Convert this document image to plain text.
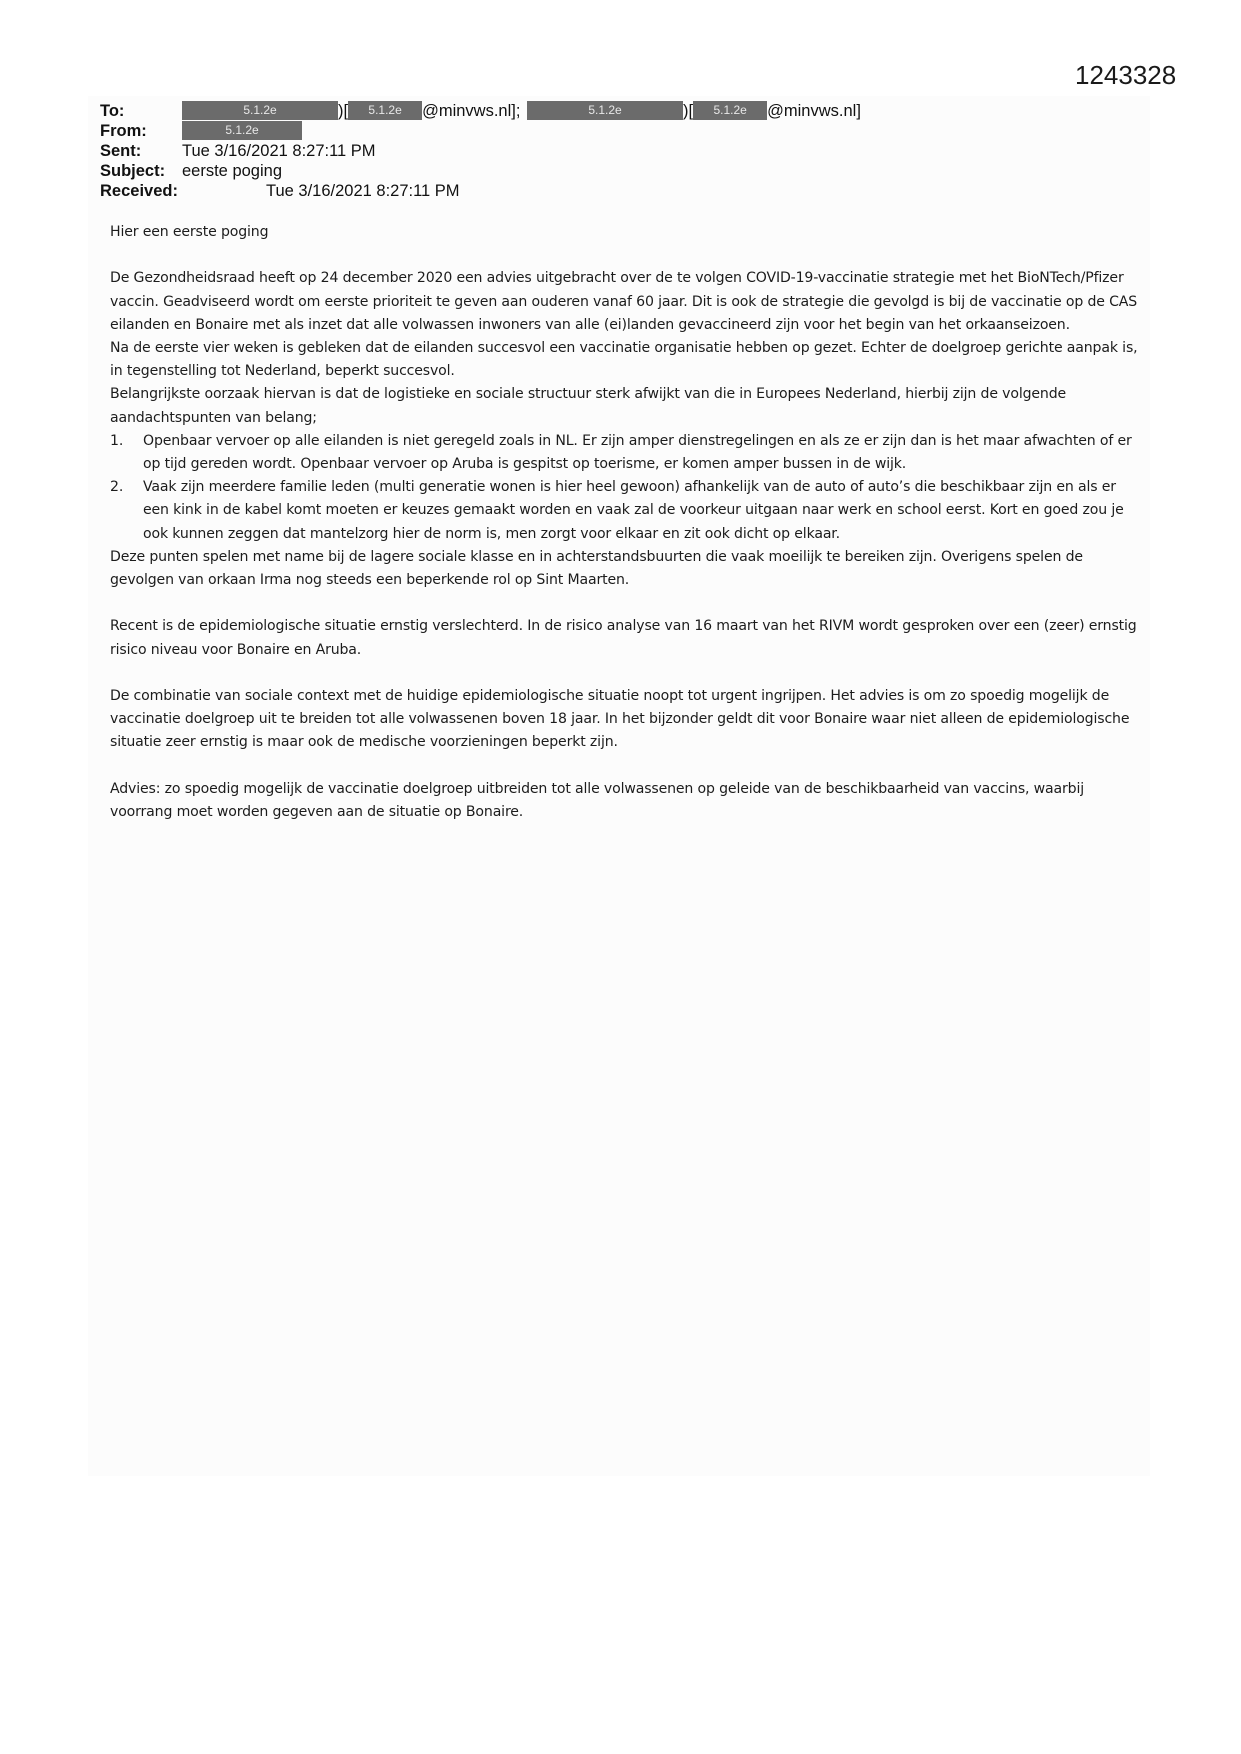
1243328
To:	5.1.2e	)[ 5.1.2e @minvws.nl];	5.1.2e	)[ 5.1.2e @minvws.nl]
From:	5.1.2e
Sent: Tue 3/16/2021 8:27:11 PM
Subject: eerste poging
Received:	Tue 3/16/2021 8:27:11 PM

Hier een eerste poging

De Gezondheidsraad heeft op 24 december 2020 een advies uitgebracht over de te volgen COVID-19-vaccinatie strategie met het BioNTech/Pfizer vaccin. Geadviseerd wordt om eerste prioriteit te geven aan ouderen vanaf 60 jaar. Dit is ook de strategie die gevolgd is bij de vaccinatie op de CAS eilanden en Bonaire met als inzet dat alle volwassen inwoners van alle (ei)landen gevaccineerd zijn voor het begin van het orkaanseizoen.

Na de eerste vier weken is gebleken dat de eilanden succesvol een vaccinatie organisatie hebben op gezet. Echter de doelgroep gerichte aanpak is, in tegenstelling tot Nederland, beperkt succesvol.

Belangrijkste oorzaak hiervan is dat de logistieke en sociale structuur sterk afwijkt van die in Europees Nederland, hierbij zijn de volgende aandachtspunten van belang;

1. Openbaar vervoer op alle eilanden is niet geregeld zoals in NL. Er zijn amper dienstregelingen en als ze er zijn dan is het maar afwachten of er op tijd gereden wordt. Openbaar vervoer op Aruba is gespitst op toerisme, er komen amper bussen in de wijk.
2. Vaak zijn meerdere familie leden (multi generatie wonen is hier heel gewoon) afhankelijk van de auto of auto’s die beschikbaar zijn en als er een kink in de kabel komt moeten er keuzes gemaakt worden en vaak zal de voorkeur uitgaan naar werk en school eerst. Kort en goed zou je ook kunnen zeggen dat mantelzorg hier de norm is, men zorgt voor elkaar en zit ook dicht op elkaar.

Deze punten spelen met name bij de lagere sociale klasse en in achterstandsbuurten die vaak moeilijk te bereiken zijn. Overigens spelen de gevolgen van orkaan Irma nog steeds een beperkende rol op Sint Maarten.

Recent is de epidemiologische situatie ernstig verslechterd. In de risico analyse van 16 maart van het RIVM wordt gesproken over een (zeer) ernstig risico niveau voor Bonaire en Aruba.

De combinatie van sociale context met de huidige epidemiologische situatie noopt tot urgent ingrijpen. Het advies is om zo spoedig mogelijk de vaccinatie doelgroep uit te breiden tot alle volwassenen boven 18 jaar. In het bijzonder geldt dit voor Bonaire waar niet alleen de epidemiologische situatie zeer ernstig is maar ook de medische voorzieningen beperkt zijn.

Advies: zo spoedig mogelijk de vaccinatie doelgroep uitbreiden tot alle volwassenen op geleide van de beschikbaarheid van vaccins, waarbij voorrang moet worden gegeven aan de situatie op Bonaire.
